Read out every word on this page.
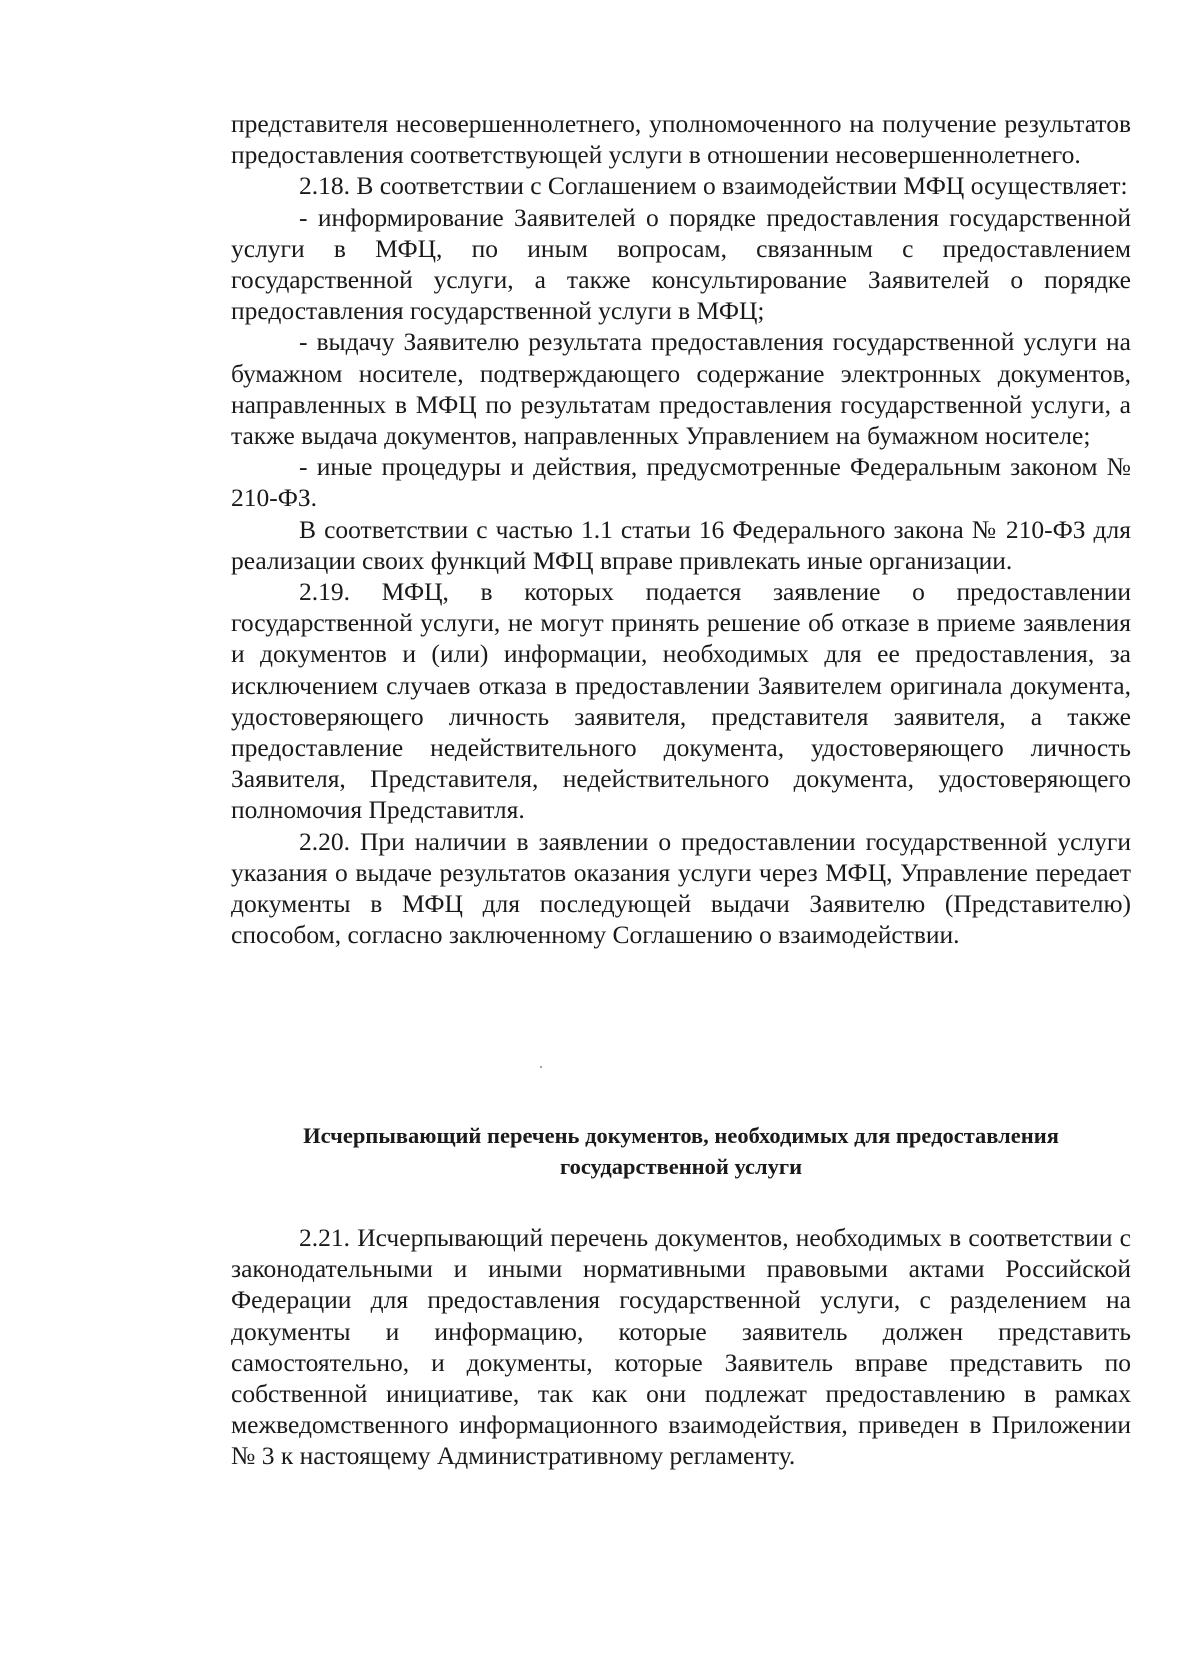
представителя несовершеннолетнего, уполномоченного на получение результатов предоставления соответствующей услуги в отношении несовершеннолетнего.

2.18. В соответствии с Соглашением о взаимодействии МФЦ осуществляет:

- информирование Заявителей о порядке предоставления государственной услуги в МФЦ, по иным вопросам, связанным с предоставлением государственной услуги, а также консультирование Заявителей о порядке предоставления государственной услуги в МФЦ;

- выдачу Заявителю результата предоставления государственной услуги на бумажном носителе, подтверждающего содержание электронных документов, направленных в МФЦ по результатам предоставления государственной услуги, а также выдача документов, направленных Управлением на бумажном носителе;

- иные процедуры и действия, предусмотренные Федеральным законом № 210-ФЗ.

В соответствии с частью 1.1 статьи 16 Федерального закона № 210-ФЗ для реализации своих функций МФЦ вправе привлекать иные организации.

2.19. МФЦ, в которых подается заявление о предоставлении государственной услуги, не могут принять решение об отказе в приеме заявления и документов и (или) информации, необходимых для ее предоставления, за исключением случаев отказа в предоставлении Заявителем оригинала документа, удостоверяющего личность заявителя, представителя заявителя, а также предоставление недействительного документа, удостоверяющего личность Заявителя, Представителя, недействительного документа, удостоверяющего полномочия Представитля.

2.20. При наличии в заявлении о предоставлении государственной услуги указания о выдаче результатов оказания услуги через МФЦ, Управление передает документы в МФЦ для последующей выдачи Заявителю (Представителю) способом, согласно заключенному Соглашению о взаимодействии.

Исчерпывающий перечень документов, необходимых для предоставления государственной услуги

2.21. Исчерпывающий перечень документов, необходимых в соответствии с законодательными и иными нормативными правовыми актами Российской Федерации для предоставления государственной услуги, с разделением на документы и информацию, которые заявитель должен представить самостоятельно, и документы, которые Заявитель вправе представить по собственной инициативе, так как они подлежат предоставлению в рамках межведомственного информационного взаимодействия, приведен в Приложении № 3 к настоящему Административному регламенту.
